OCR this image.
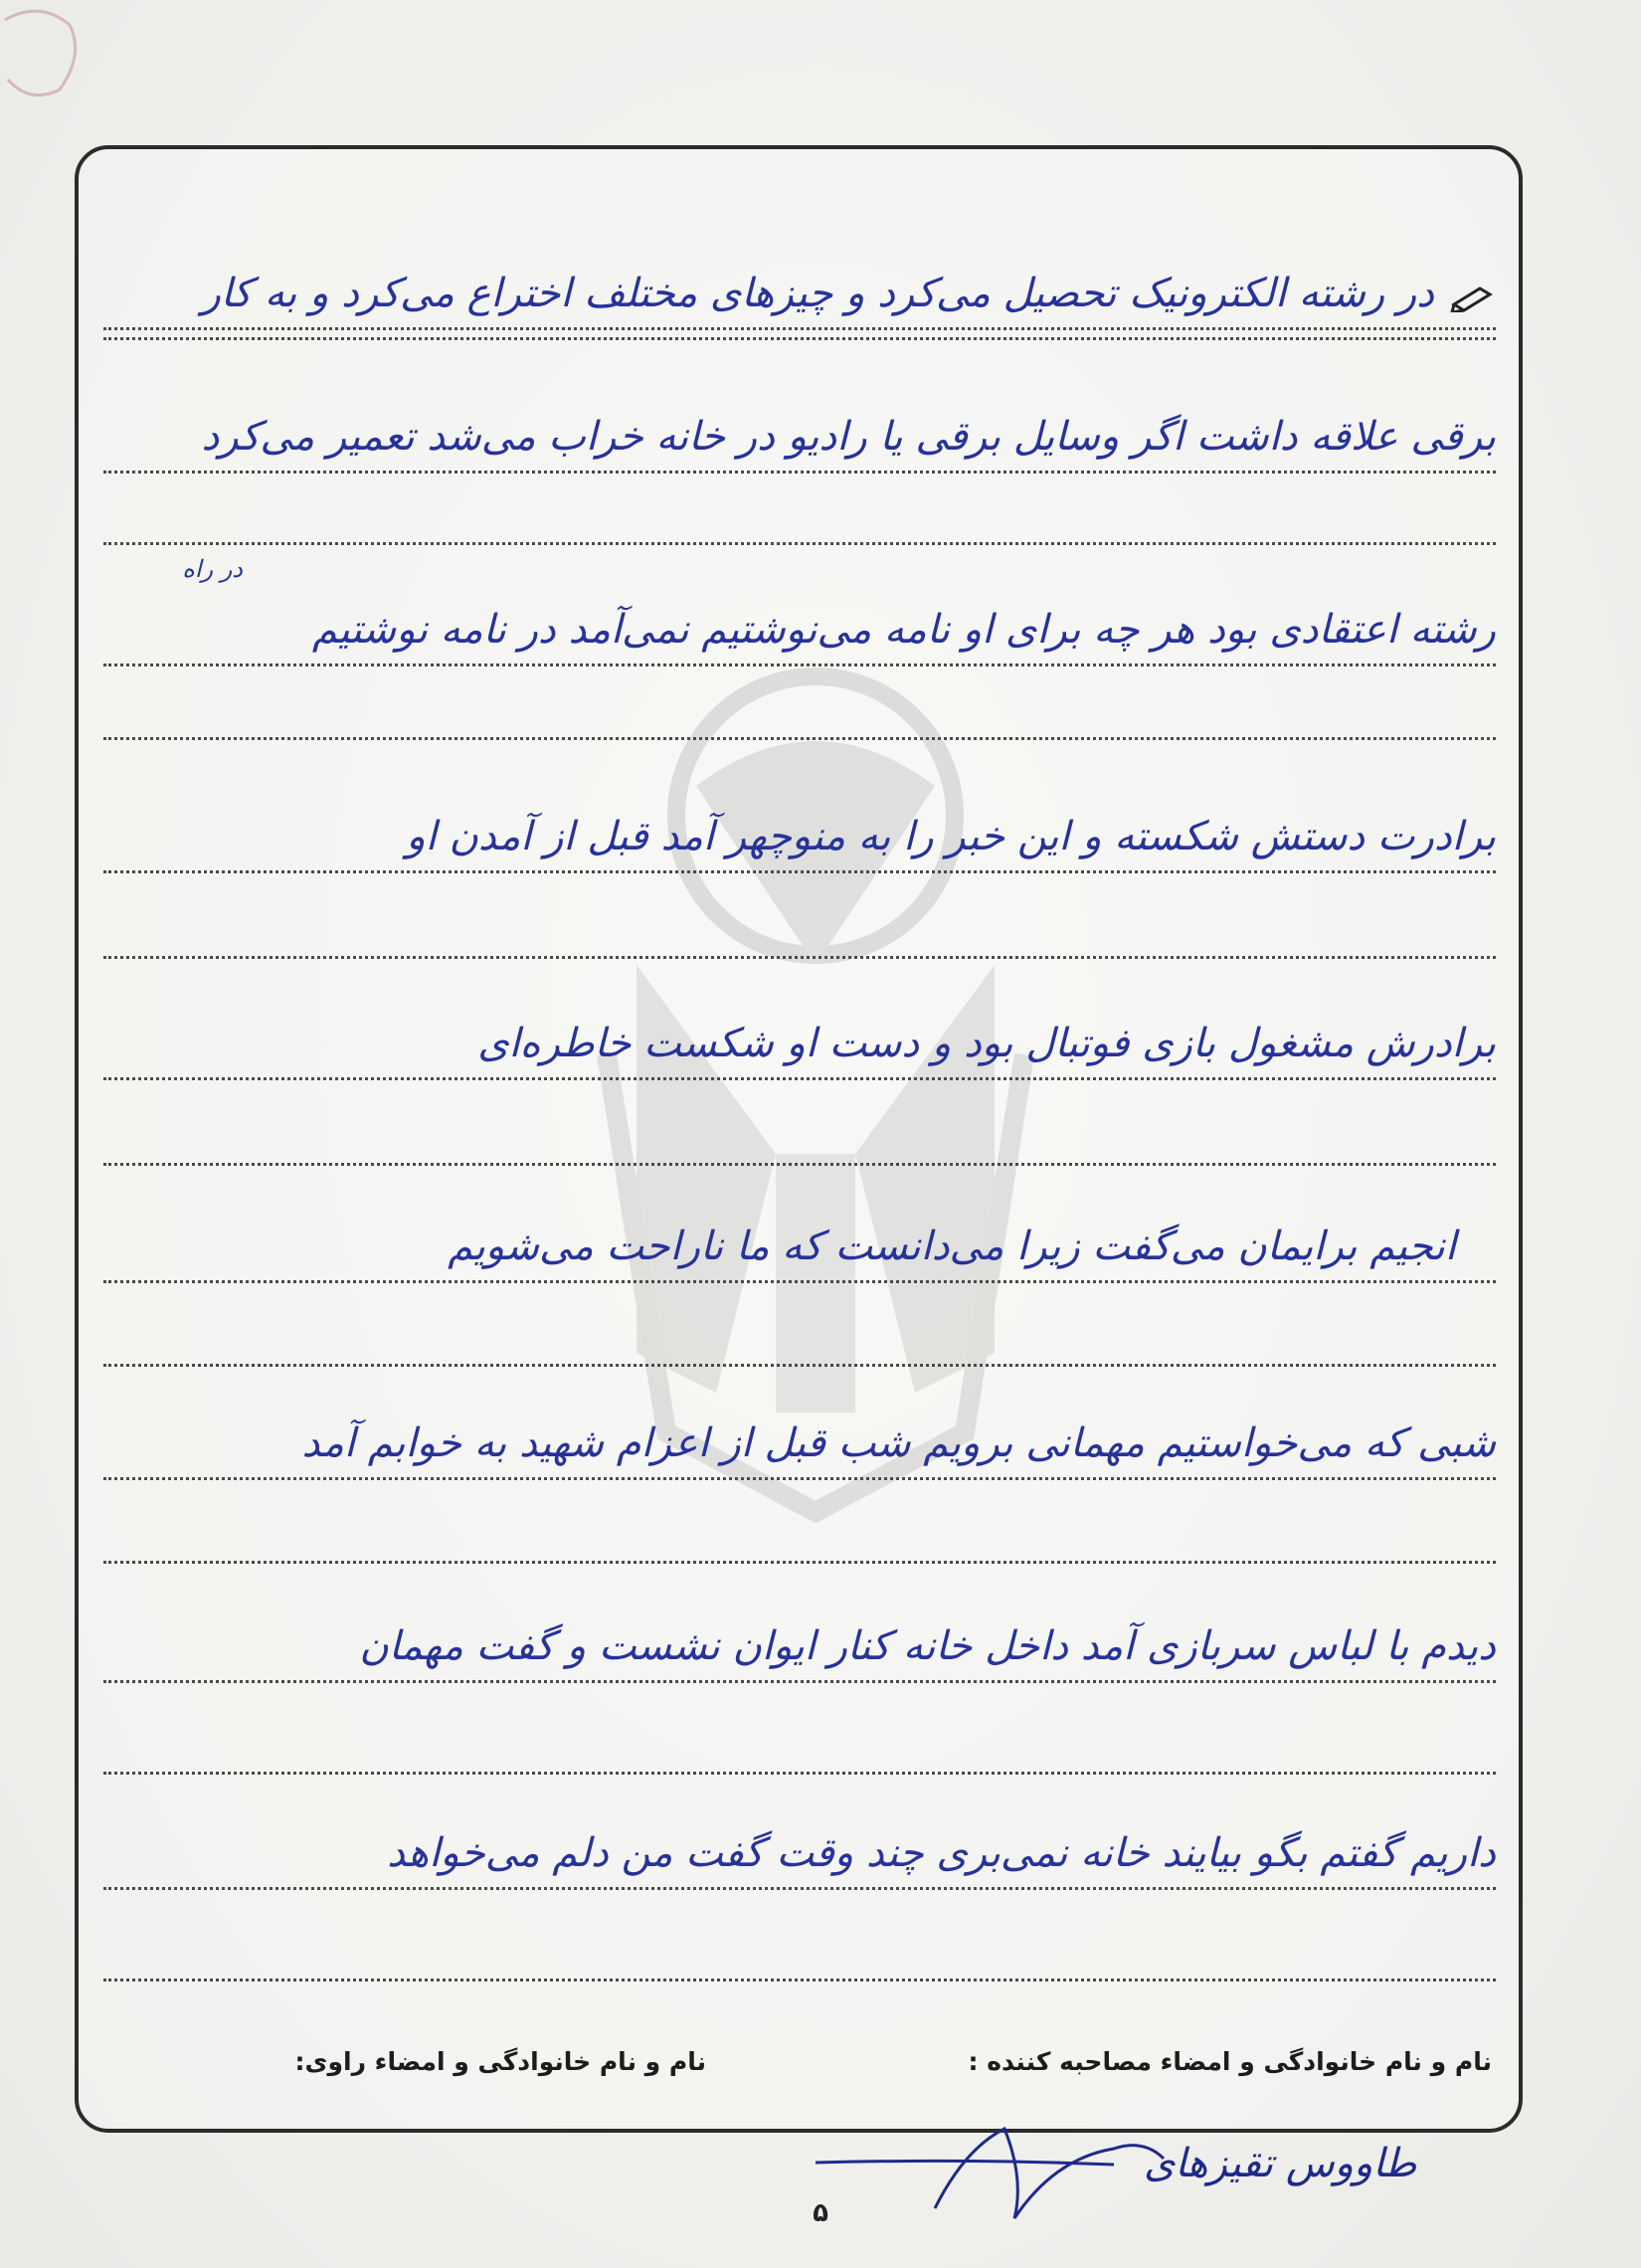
در رشته الکترونیک تحصیل می‌کرد و چیزهای مختلف اختراع می‌کرد و به کار
برقی علاقه داشت اگر وسایل برقی یا رادیو در خانه خراب می‌شد تعمیر می‌کرد
در راه
رشته اعتقادی بود هر چه برای او نامه می‌نوشتیم نمی‌آمد در نامه نوشتیم
برادرت دستش شکسته و این خبر را به منوچهر آمد قبل از آمدن او
برادرش مشغول بازی فوتبال بود و دست او شکست خاطره‌ای
انجیم برایمان می‌گفت زیرا می‌دانست که ما ناراحت می‌شویم
شبی که می‌خواستیم مهمانی برویم شب قبل از اعزام شهید به خوابم آمد
دیدم با لباس سربازی آمد داخل خانه کنار ایوان نشست و گفت مهمان
داریم گفتم بگو بیایند خانه نمی‌بری چند وقت گفت من دلم می‌خواهد
نام و نام خانوادگی و امضاء مصاحبه کننده :
نام و نام خانوادگی و امضاء راوی:
طاووس تقیزهای
۵
